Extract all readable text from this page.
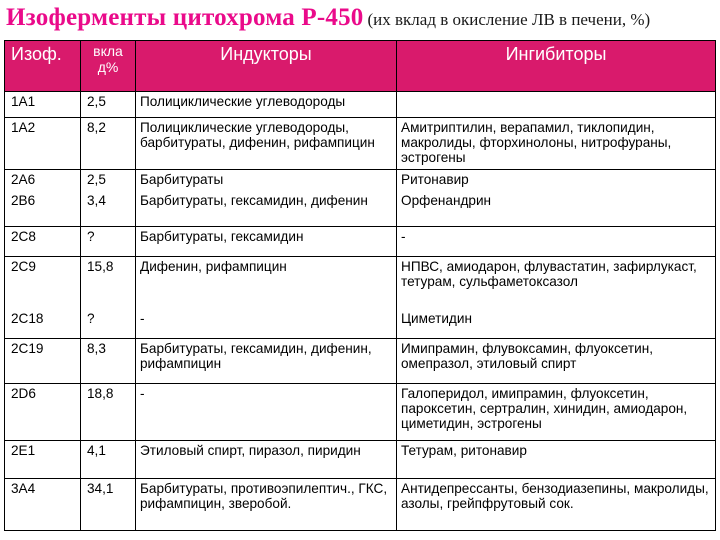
Изоферменты цитохрома Р-450 (их вклад в окисление ЛВ в печени, %)
Изоф.	вкла д%	Индукторы	Ингибиторы
1А1	2,5	Полициклические углеводороды	
1А2	8,2	Полициклические углеводороды, барбитураты, дифенин, рифампицин	Амитриптилин, верапамил, тиклопидин, макролиды, фторхинолоны, нитрофураны, эстрогены
2А6	2,5	Барбитураты	Ритонавир
2В6	3,4	Барбитураты, гексамидин, дифенин	Орфенандрин
2С8	?	Барбитураты, гексамидин	-
2С9	15,8	Дифенин, рифампицин	НПВС, амиодарон, флувастатин, зафирлукаст, тетурам, сульфаметоксазол
2С18	?	-	Циметидин
2С19	8,3	Барбитураты, гексамидин, дифенин, рифампицин	Имипрамин, флувоксамин, флуоксетин, омепразол, этиловый спирт
2D6	18,8	-	Галоперидол, имипрамин, флуоксетин, пароксетин, сертралин, хинидин, амиодарон, циметидин, эстрогены
2Е1	4,1	Этиловый спирт, пиразол, пиридин	Тетурам, ритонавир
3А4	34,1	Барбитураты, противоэпилептич., ГКС, рифампицин, зверобой.	Антидепрессанты, бензодиазепины, макролиды, азолы, грейпфрутовый сок.
